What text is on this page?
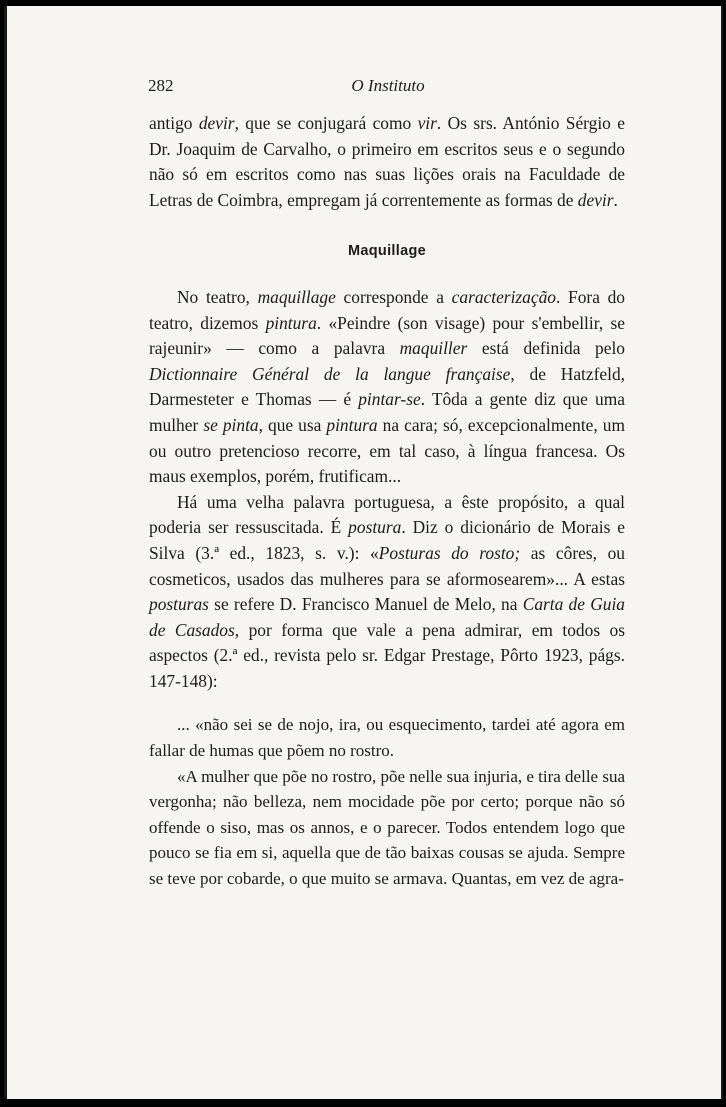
282	O Instituto

antigo devir, que se conjugará como vir. Os srs. António Sérgio e Dr. Joaquim de Carvalho, o primeiro em escritos seus e o segundo não só em escritos como nas suas lições orais na Faculdade de Letras de Coimbra, empregam já correntemente as formas de devir.

Maquillage

No teatro, maquillage corresponde a caracterização. Fora do teatro, dizemos pintura. «Peindre (son visage) pour s'embellir, se rajeunir» — como a palavra maquiller está definida pelo Dictionnaire Général de la langue française, de Hatzfeld, Darmesteter e Thomas — é pintar-se. Tôda a gente diz que uma mulher se pinta, que usa pintura na cara; só, excepcionalmente, um ou outro pretencioso recorre, em tal caso, à língua francesa. Os maus exemplos, porém, frutificam...

Há uma velha palavra portuguesa, a êste propósito, a qual poderia ser ressuscitada. É postura. Diz o dicionário de Morais e Silva (3.ª ed., 1823, s. v.): «Posturas do rosto; as côres, ou cosmeticos, usados das mulheres para se aformosearem»... A estas posturas se refere D. Francisco Manuel de Melo, na Carta de Guia de Casados, por forma que vale a pena admirar, em todos os aspectos (2.ª ed., revista pelo sr. Edgar Prestage, Pôrto 1923, págs. 147-148):

... «não sei se de nojo, ira, ou esquecimento, tardei até agora em fallar de humas que põem no rostro.

«A mulher que põe no rostro, põe nelle sua injuria, e tira delle sua vergonha; não belleza, nem mocidade põe por certo; porque não só offende o siso, mas os annos, e o parecer. Todos entendem logo que pouco se fia em si, aquella que de tão baixas cousas se ajuda. Sempre se teve por cobarde, o que muito se armava. Quantas, em vez de agra-
